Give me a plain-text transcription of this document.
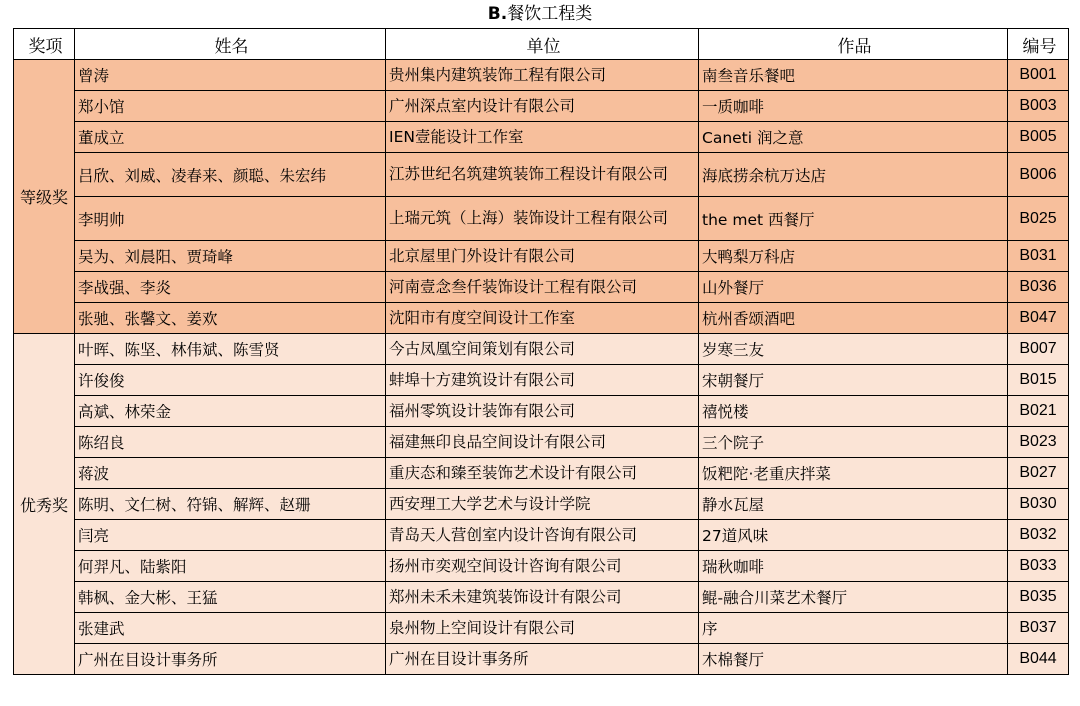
B.餐饮工程类
奖项	姓名	单位	作品	编号
等级奖	曾涛	贵州集内建筑装饰工程有限公司	南叁音乐餐吧	B001
	郑小馆	广州深点室内设计有限公司	一质咖啡	B003
	董成立	IEN壹能设计工作室	Caneti 润之意	B005
	吕欣、刘威、凌春来、颜聪、朱宏纬	江苏世纪名筑建筑装饰工程设计有限公司	海底捞余杭万达店	B006
	李明帅	上瑞元筑（上海）装饰设计工程有限公司	the met 西餐厅	B025
	吴为、刘晨阳、贾琦峰	北京屋里门外设计有限公司	大鸭梨万科店	B031
	李战强、李炎	河南壹念叁仟装饰设计工程有限公司	山外餐厅	B036
	张驰、张馨文、姜欢	沈阳市有度空间设计工作室	杭州香颂酒吧	B047
优秀奖	叶晖、陈坚、林伟斌、陈雪贤	今古凤凰空间策划有限公司	岁寒三友	B007
	许俊俊	蚌埠十方建筑设计有限公司	宋朝餐厅	B015
	高斌、林荣金	福州零筑设计装饰有限公司	禧悦楼	B021
	陈绍良	福建無印良品空间设计有限公司	三个院子	B023
	蒋波	重庆态和臻至装饰艺术设计有限公司	饭粑陀·老重庆拌菜	B027
	陈明、文仁树、符锦、解辉、赵珊	西安理工大学艺术与设计学院	静水瓦屋	B030
	闫亮	青岛天人营创室内设计咨询有限公司	27道风味	B032
	何羿凡、陆紫阳	扬州市奕观空间设计咨询有限公司	瑞秋咖啡	B033
	韩枫、金大彬、王猛	郑州未禾未建筑装饰设计有限公司	鲲-融合川菜艺术餐厅	B035
	张建武	泉州物上空间设计有限公司	序	B037
	广州在目设计事务所	广州在目设计事务所	木棉餐厅	B044
